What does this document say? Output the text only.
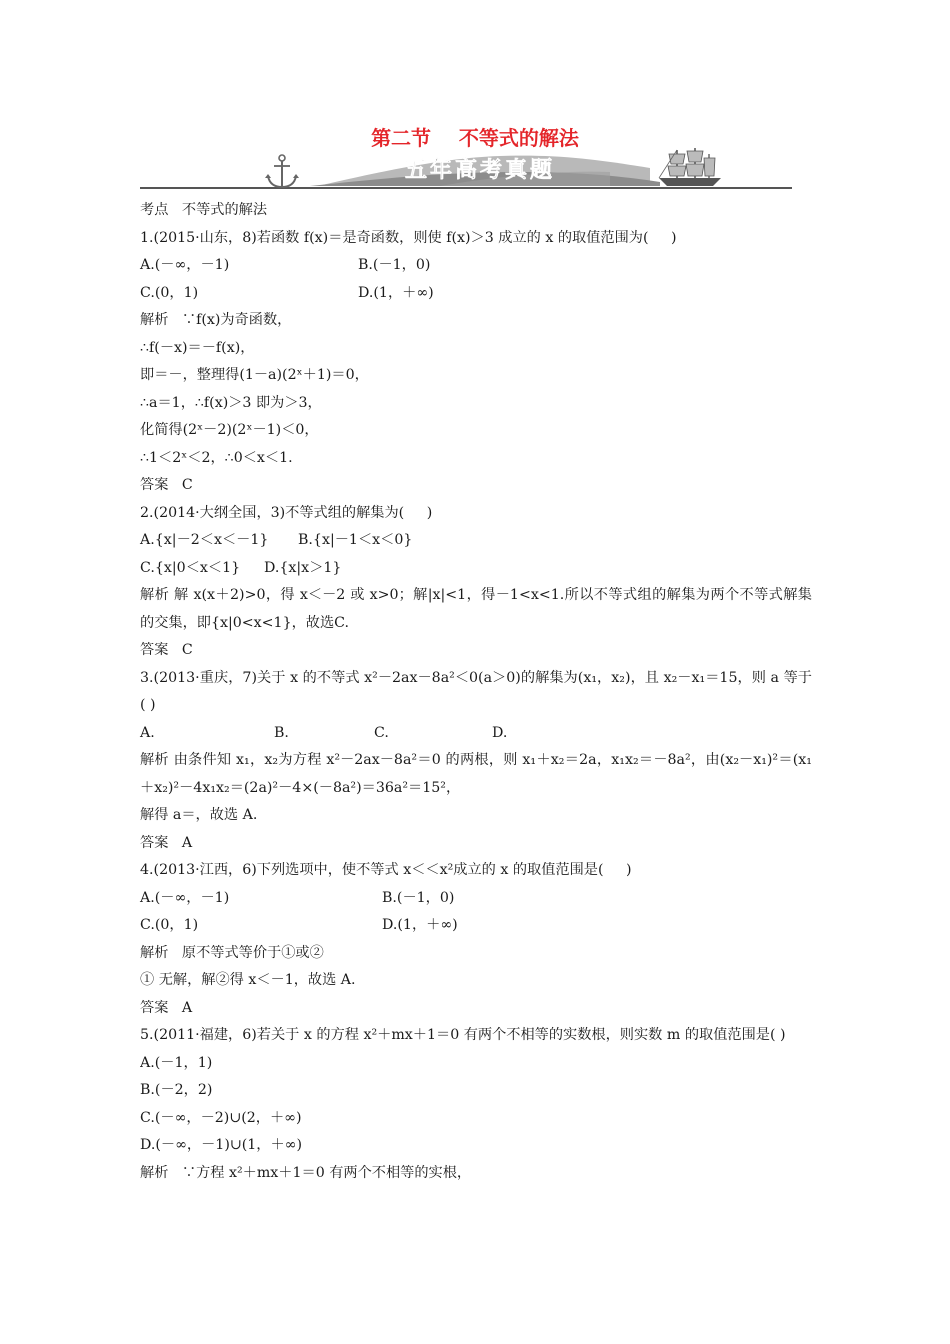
第二节    不等式的解法
五年高考真题
考点   不等式的解法
1.(2015·山东，8)若函数 f(x)＝是奇函数，则使 f(x)＞3 成立的 x 的取值范围为(     )
A.(－∞，－1)	B.(－1，0)
C.(0，1)	D.(1，＋∞)
解析   ∵f(x)为奇函数，
∴f(－x)＝－f(x)，
即＝－，整理得(1－a)(2ˣ＋1)＝0，
∴a＝1，∴f(x)＞3 即为＞3，
化简得(2ˣ－2)(2ˣ－1)＜0，
∴1＜2ˣ＜2，∴0＜x＜1.
答案   C
2.(2014·大纲全国，3)不等式组的解集为(     )
A.{x|－2＜x＜－1}	B.{x|－1＜x＜0}
C.{x|0＜x＜1}	D.{x|x＞1}
解析 解 x(x＋2)>0，得 x＜－2 或 x>0；解|x|<1，得－1<x<1.所以不等式组的解集为两个不等式解集的交集，即{x|0<x<1}，故选C.
答案   C
3.(2013·重庆，7)关于 x 的不等式 x²－2ax－8a²＜0(a＞0)的解集为(x₁，x₂)，且 x₂－x₁＝15，则 a 等于( )
A.	B.	C.	D.
解析 由条件知 x₁，x₂为方程 x²－2ax－8a²＝0 的两根，则 x₁＋x₂＝2a，x₁x₂＝－8a²，由(x₂－x₁)²＝(x₁＋x₂)²－4x₁x₂＝(2a)²－4×(－8a²)＝36a²＝15²，
解得 a＝，故选 A.
答案   A
4.(2013·江西，6)下列选项中，使不等式 x＜＜x²成立的 x 的取值范围是(     )
A.(－∞，－1)	B.(－1，0)
C.(0，1)	D.(1，＋∞)
解析   原不等式等价于①或②
① 无解，解②得 x＜－1，故选 A.
答案   A
5.(2011·福建，6)若关于 x 的方程 x²＋mx＋1＝0 有两个不相等的实数根，则实数 m 的取值范围是( )
A.(－1，1)
B.(－2，2)
C.(－∞，－2)∪(2，＋∞)
D.(－∞，－1)∪(1，＋∞)
解析   ∵方程 x²＋mx＋1＝0 有两个不相等的实根，
